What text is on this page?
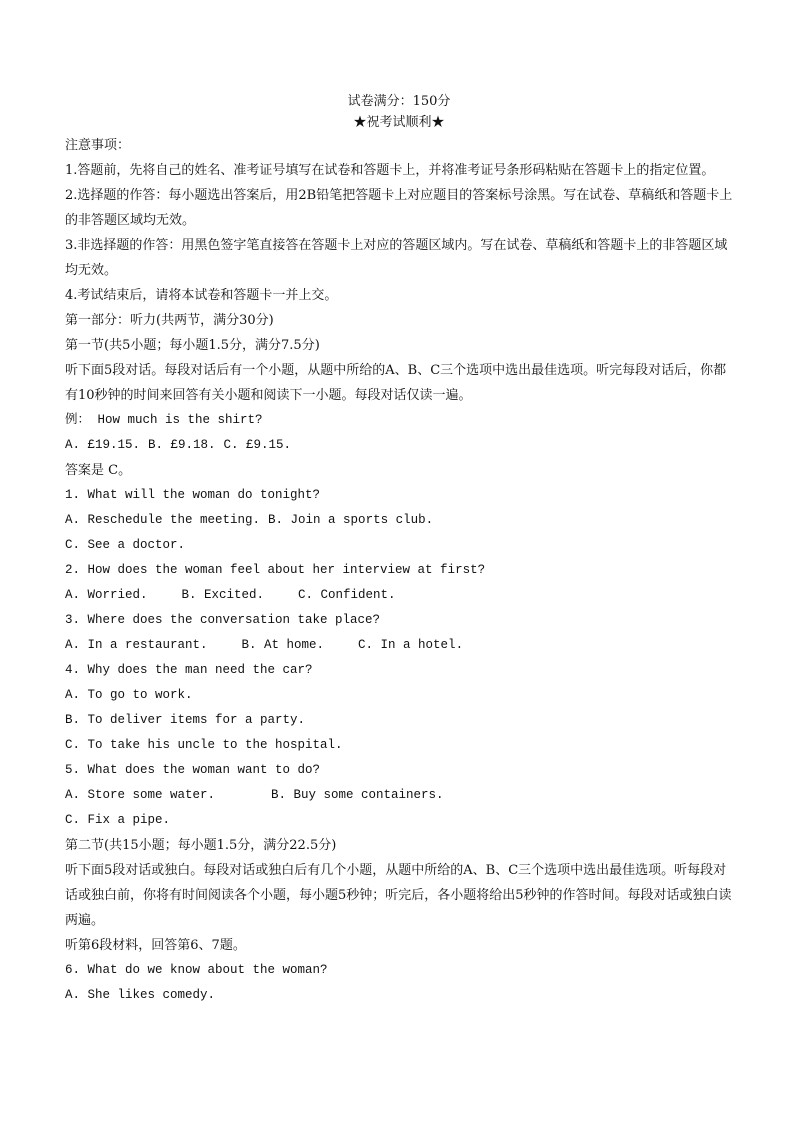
试卷满分：150分
★祝考试顺利★
注意事项：
1.答题前，先将自己的姓名、准考证号填写在试卷和答题卡上，并将准考证号条形码粘贴在答题卡上的指定位置。
2.选择题的作答：每小题选出答案后，用2B铅笔把答题卡上对应题目的答案标号涂黑。写在试卷、草稿纸和答题卡上的非答题区域均无效。
3.非选择题的作答：用黑色签字笔直接答在答题卡上对应的答题区域内。写在试卷、草稿纸和答题卡上的非答题区域均无效。
4.考试结束后，请将本试卷和答题卡一并上交。
第一部分：听力(共两节，满分30分)
第一节(共5小题；每小题1.5分，满分7.5分)
听下面5段对话。每段对话后有一个小题，从题中所给的A、B、C三个选项中选出最佳选项。听完每段对话后，你都有10秒钟的时间来回答有关小题和阅读下一小题。每段对话仅读一遍。
例： How much is the shirt?
A. £19.15. B. £9.18. C. £9.15.
答案是 C。
1. What will the woman do tonight?
A. Reschedule the meeting. B. Join a sports club.
C. See a doctor.
2. How does the woman feel about her interview at first?
A. Worried.	B. Excited.	C. Confident.
3. Where does the conversation take place?
A. In a restaurant.	B. At home.	C. In a hotel.
4. Why does the man need the car?
A. To go to work.
B. To deliver items for a party.
C. To take his uncle to the hospital.
5. What does the woman want to do?
A. Store some water.	B. Buy some containers.
C. Fix a pipe.
第二节(共15小题；每小题1.5分，满分22.5分)
听下面5段对话或独白。每段对话或独白后有几个小题，从题中所给的A、B、C三个选项中选出最佳选项。听每段对话或独白前，你将有时间阅读各个小题，每小题5秒钟；听完后，各小题将给出5秒钟的作答时间。每段对话或独白读两遍。
听第6段材料，回答第6、7题。
6. What do we know about the woman?
A. She likes comedy.
